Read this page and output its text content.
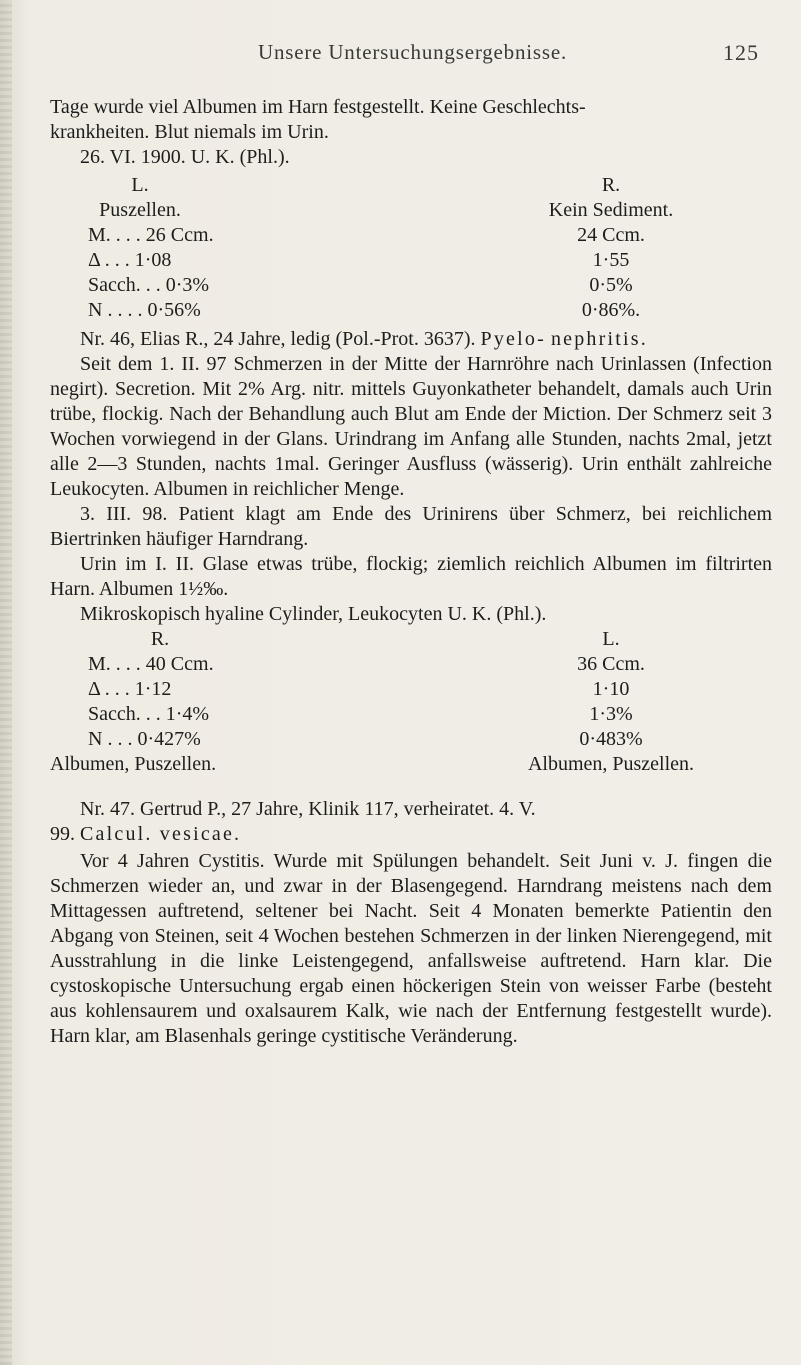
Unsere Untersuchungsergebnisse.	125

Tage wurde viel Albumen im Harn festgestellt. Keine Geschlechts-

krankheiten. Blut niemals im Urin.

26. VI. 1900. U. K. (Phl.).

L.	R.
Puszellen.	Kein Sediment.
M. . . . 26 Ccm.	24 Ccm.
Δ . . . 1·08	1·55
Sacch. . . 0·3%	0·5%
N . . . . 0·56%	0·86%.

Nr. 46, Elias R., 24 Jahre, ledig (Pol.-Prot. 3637). Pyelo- nephritis.

Seit dem 1. II. 97 Schmerzen in der Mitte der Harnröhre nach Urinlassen (Infection negirt). Secretion. Mit 2% Arg. nitr. mittels Guyonkatheter behandelt, damals auch Urin trübe, flockig. Nach der Behandlung auch Blut am Ende der Miction. Der Schmerz seit 3 Wochen vorwiegend in der Glans. Urindrang im Anfang alle Stunden, nachts 2mal, jetzt alle 2—3 Stunden, nachts 1mal. Geringer Ausfluss (wässerig). Urin enthält zahlreiche Leukocyten. Albumen in reichlicher Menge.

3. III. 98. Patient klagt am Ende des Urinirens über Schmerz, bei reichlichem Biertrinken häufiger Harndrang.

Urin im I. II. Glase etwas trübe, flockig; ziemlich reichlich Albumen im filtrirten Harn. Albumen 1½‰.

Mikroskopisch hyaline Cylinder, Leukocyten U. K. (Phl.).

R.	L.
M. . . . 40 Ccm.	36 Ccm.
Δ . . . 1·12	1·10
Sacch. . . 1·4%	1·3%
N . . . 0·427%	0·483%
Albumen, Puszellen.	Albumen, Puszellen.

Nr. 47. Gertrud P., 27 Jahre, Klinik 117, verheiratet. 4. V.

99. Calcul. vesicae.

Vor 4 Jahren Cystitis. Wurde mit Spülungen behandelt. Seit Juni v. J. fingen die Schmerzen wieder an, und zwar in der Blasengegend. Harndrang meistens nach dem Mittagessen auftretend, seltener bei Nacht. Seit 4 Monaten bemerkte Patientin den Abgang von Steinen, seit 4 Wochen bestehen Schmerzen in der linken Nierengegend, mit Ausstrahlung in die linke Leistengegend, anfallsweise auftretend. Harn klar. Die cystoskopische Untersuchung ergab einen höckerigen Stein von weisser Farbe (besteht aus kohlensaurem und oxalsaurem Kalk, wie nach der Entfernung festgestellt wurde). Harn klar, am Blasenhals geringe cystitische Veränderung.
